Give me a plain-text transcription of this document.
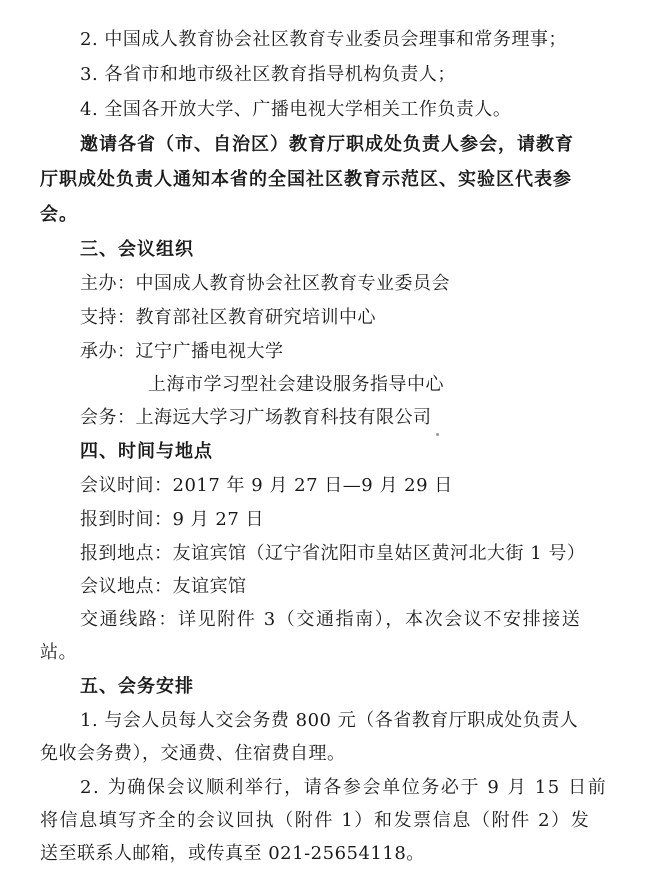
2. 中国成人教育协会社区教育专业委员会理事和常务理事；
3. 各省市和地市级社区教育指导机构负责人；
4. 全国各开放大学、广播电视大学相关工作负责人。
邀请各省（市、自治区）教育厅职成处负责人参会，请教育
厅职成处负责人通知本省的全国社区教育示范区、实验区代表参
会。
三、会议组织
主办：中国成人教育协会社区教育专业委员会
支持：教育部社区教育研究培训中心
承办：辽宁广播电视大学
上海市学习型社会建设服务指导中心
会务：上海远大学习广场教育科技有限公司
四、时间与地点
会议时间：2017 年 9 月 27 日—9 月 29 日
报到时间：9 月 27 日
报到地点：友谊宾馆（辽宁省沈阳市皇姑区黄河北大街 1 号）
会议地点：友谊宾馆
交通线路：详见附件 3（交通指南），本次会议不安排接送
站。
五、会务安排
1. 与会人员每人交会务费 800 元（各省教育厅职成处负责人
免收会务费），交通费、住宿费自理。
2. 为确保会议顺利举行，请各参会单位务必于 9 月 15 日前
将信息填写齐全的会议回执（附件 1）和发票信息（附件 2）发
送至联系人邮箱，或传真至 021-25654118。
